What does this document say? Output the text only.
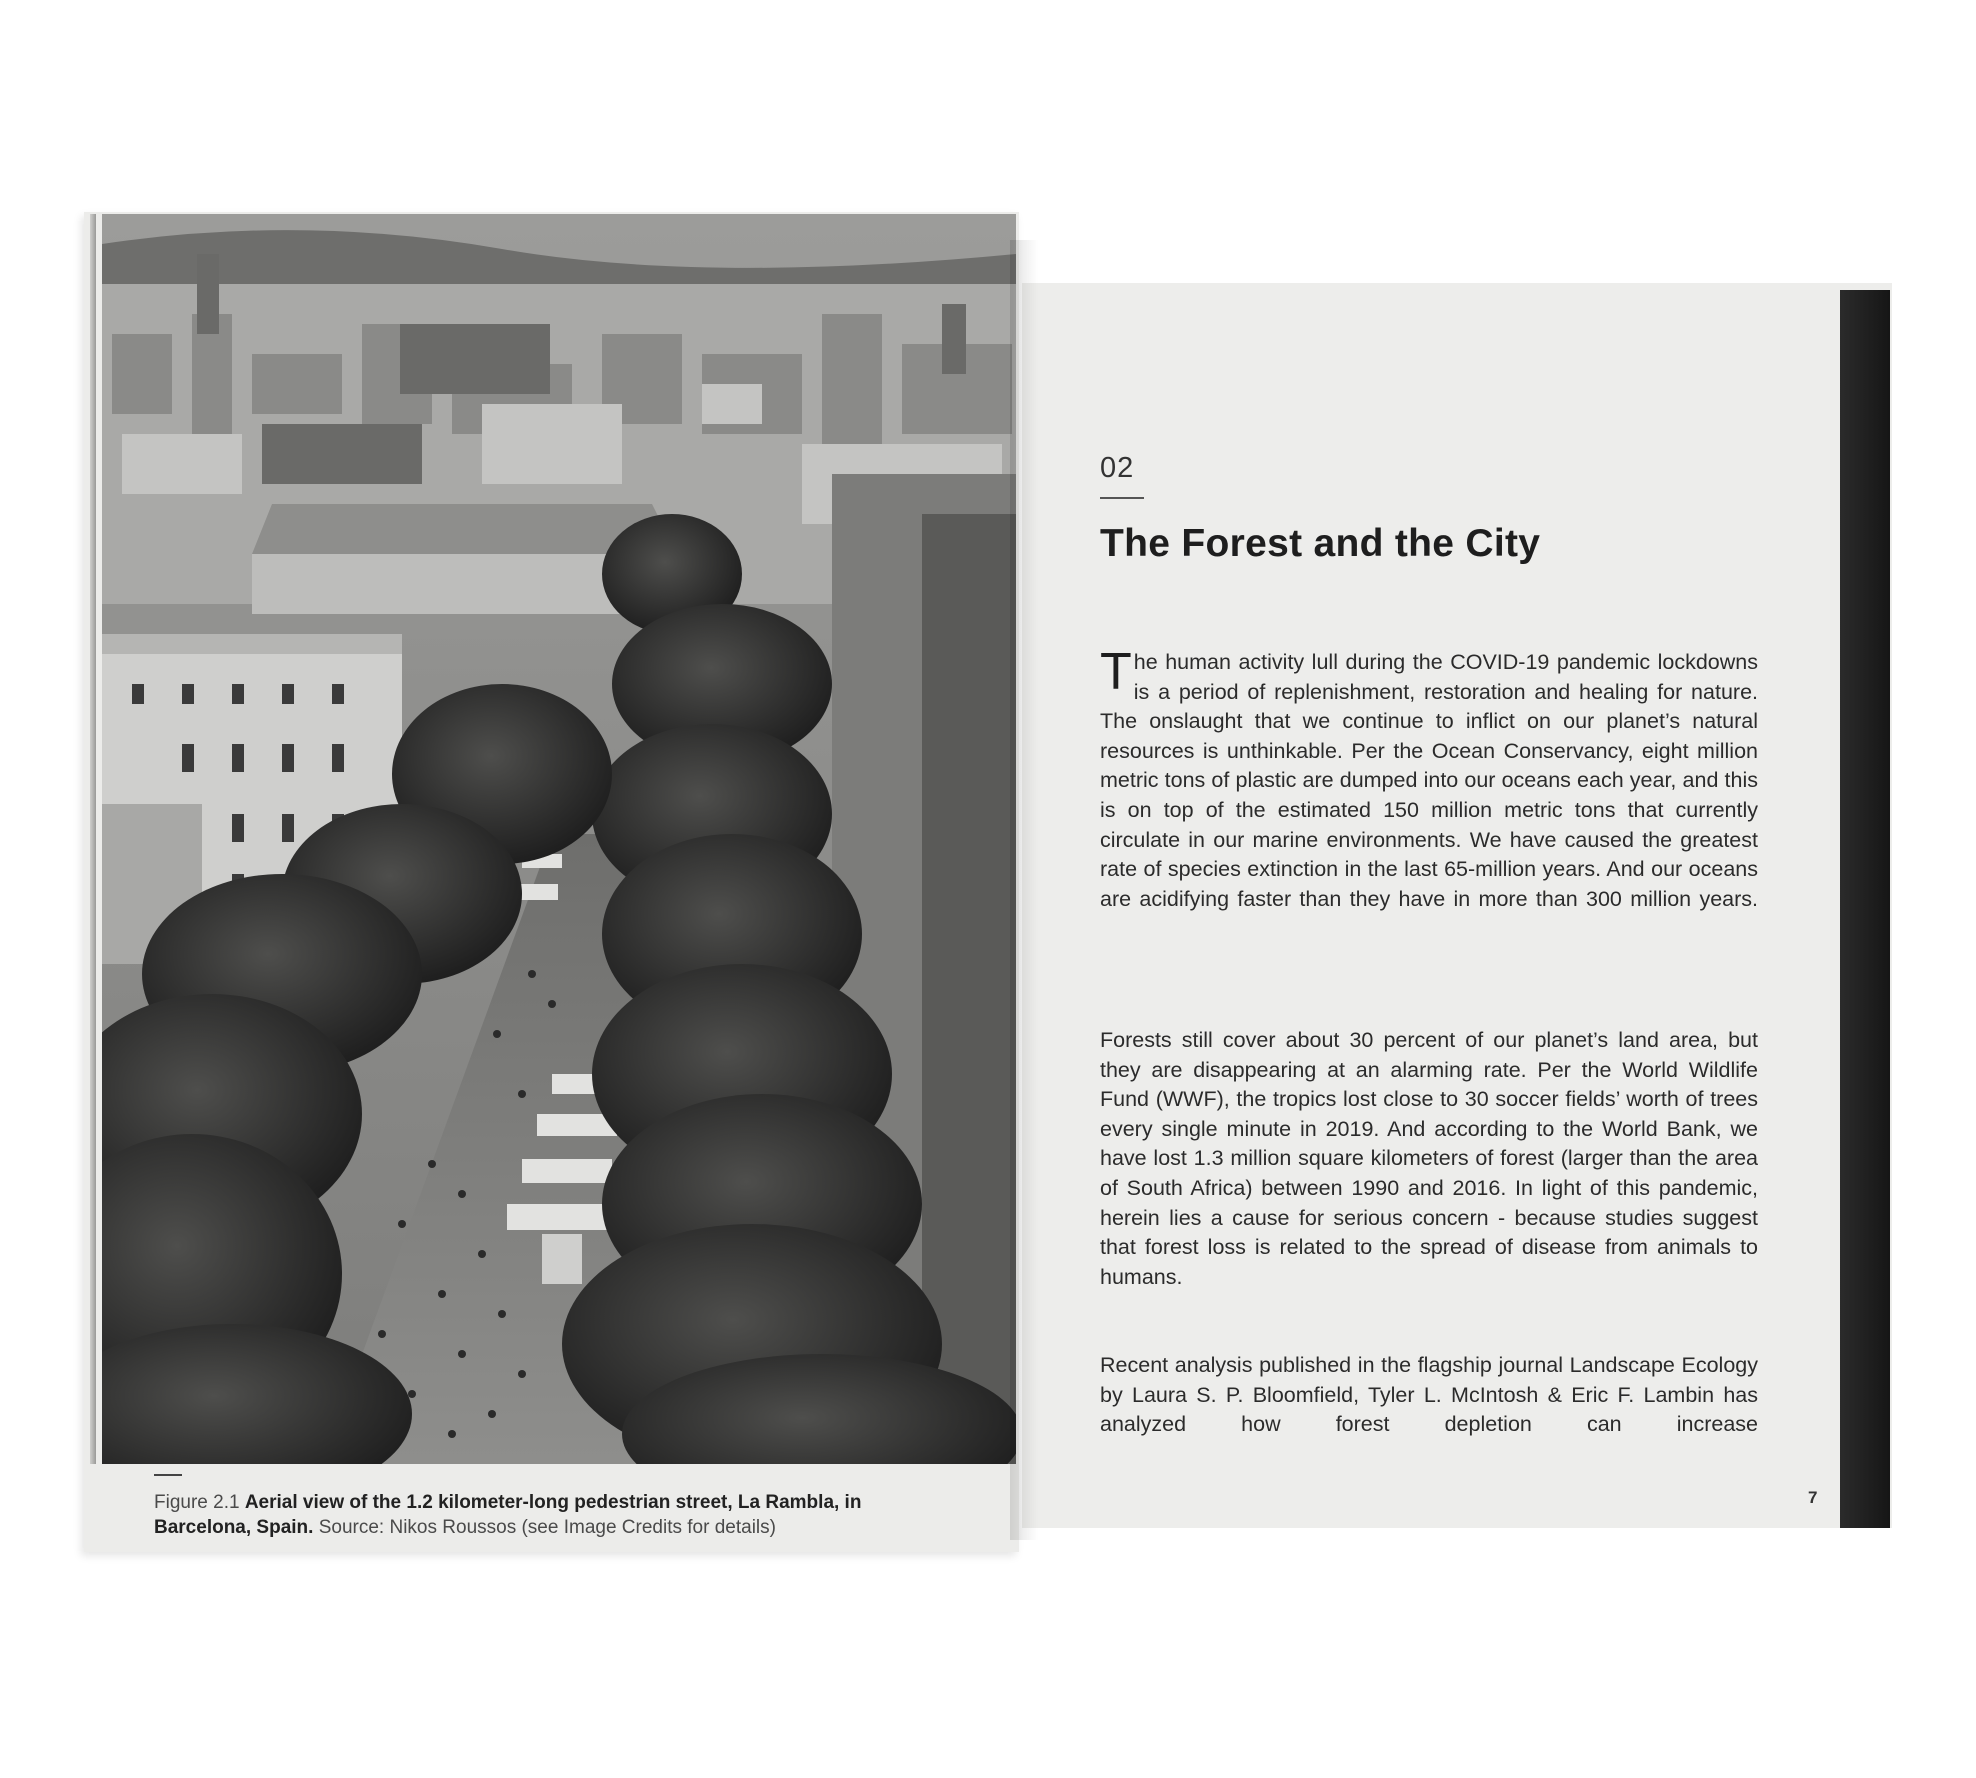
Figure 2.1 Aerial view of the 1.2 kilometer-long pedestrian street, La Rambla, in Barcelona, Spain. Source: Nikos Roussos (see Image Credits for details)

02

The Forest and the City

The human activity lull during the COVID-19 pandemic lockdowns is a period of replenishment, restoration and healing for nature. The onslaught that we continue to inflict on our planet’s natural resources is unthinkable. Per the Ocean Conservancy, eight million metric tons of plastic are dumped into our oceans each year, and this is on top of the estimated 150 million metric tons that currently circulate in our marine environments. We have caused the greatest rate of species extinction in the last 65-million years. And our oceans are acidifying faster than they have in more than 300 million years.

Forests still cover about 30 percent of our planet’s land area, but they are disappearing at an alarming rate. Per the World Wildlife Fund (WWF), the tropics lost close to 30 soccer fields’ worth of trees every single minute in 2019. And according to the World Bank, we have lost 1.3 million square kilometers of forest (larger than the area of South Africa) between 1990 and 2016. In light of this pandemic, herein lies a cause for serious concern - because studies suggest that forest loss is related to the spread of disease from animals to humans.

Recent analysis published in the flagship journal Landscape Ecology by Laura S. P. Bloomfield, Tyler L. McIntosh & Eric F. Lambin has analyzed how forest depletion can increase

7
